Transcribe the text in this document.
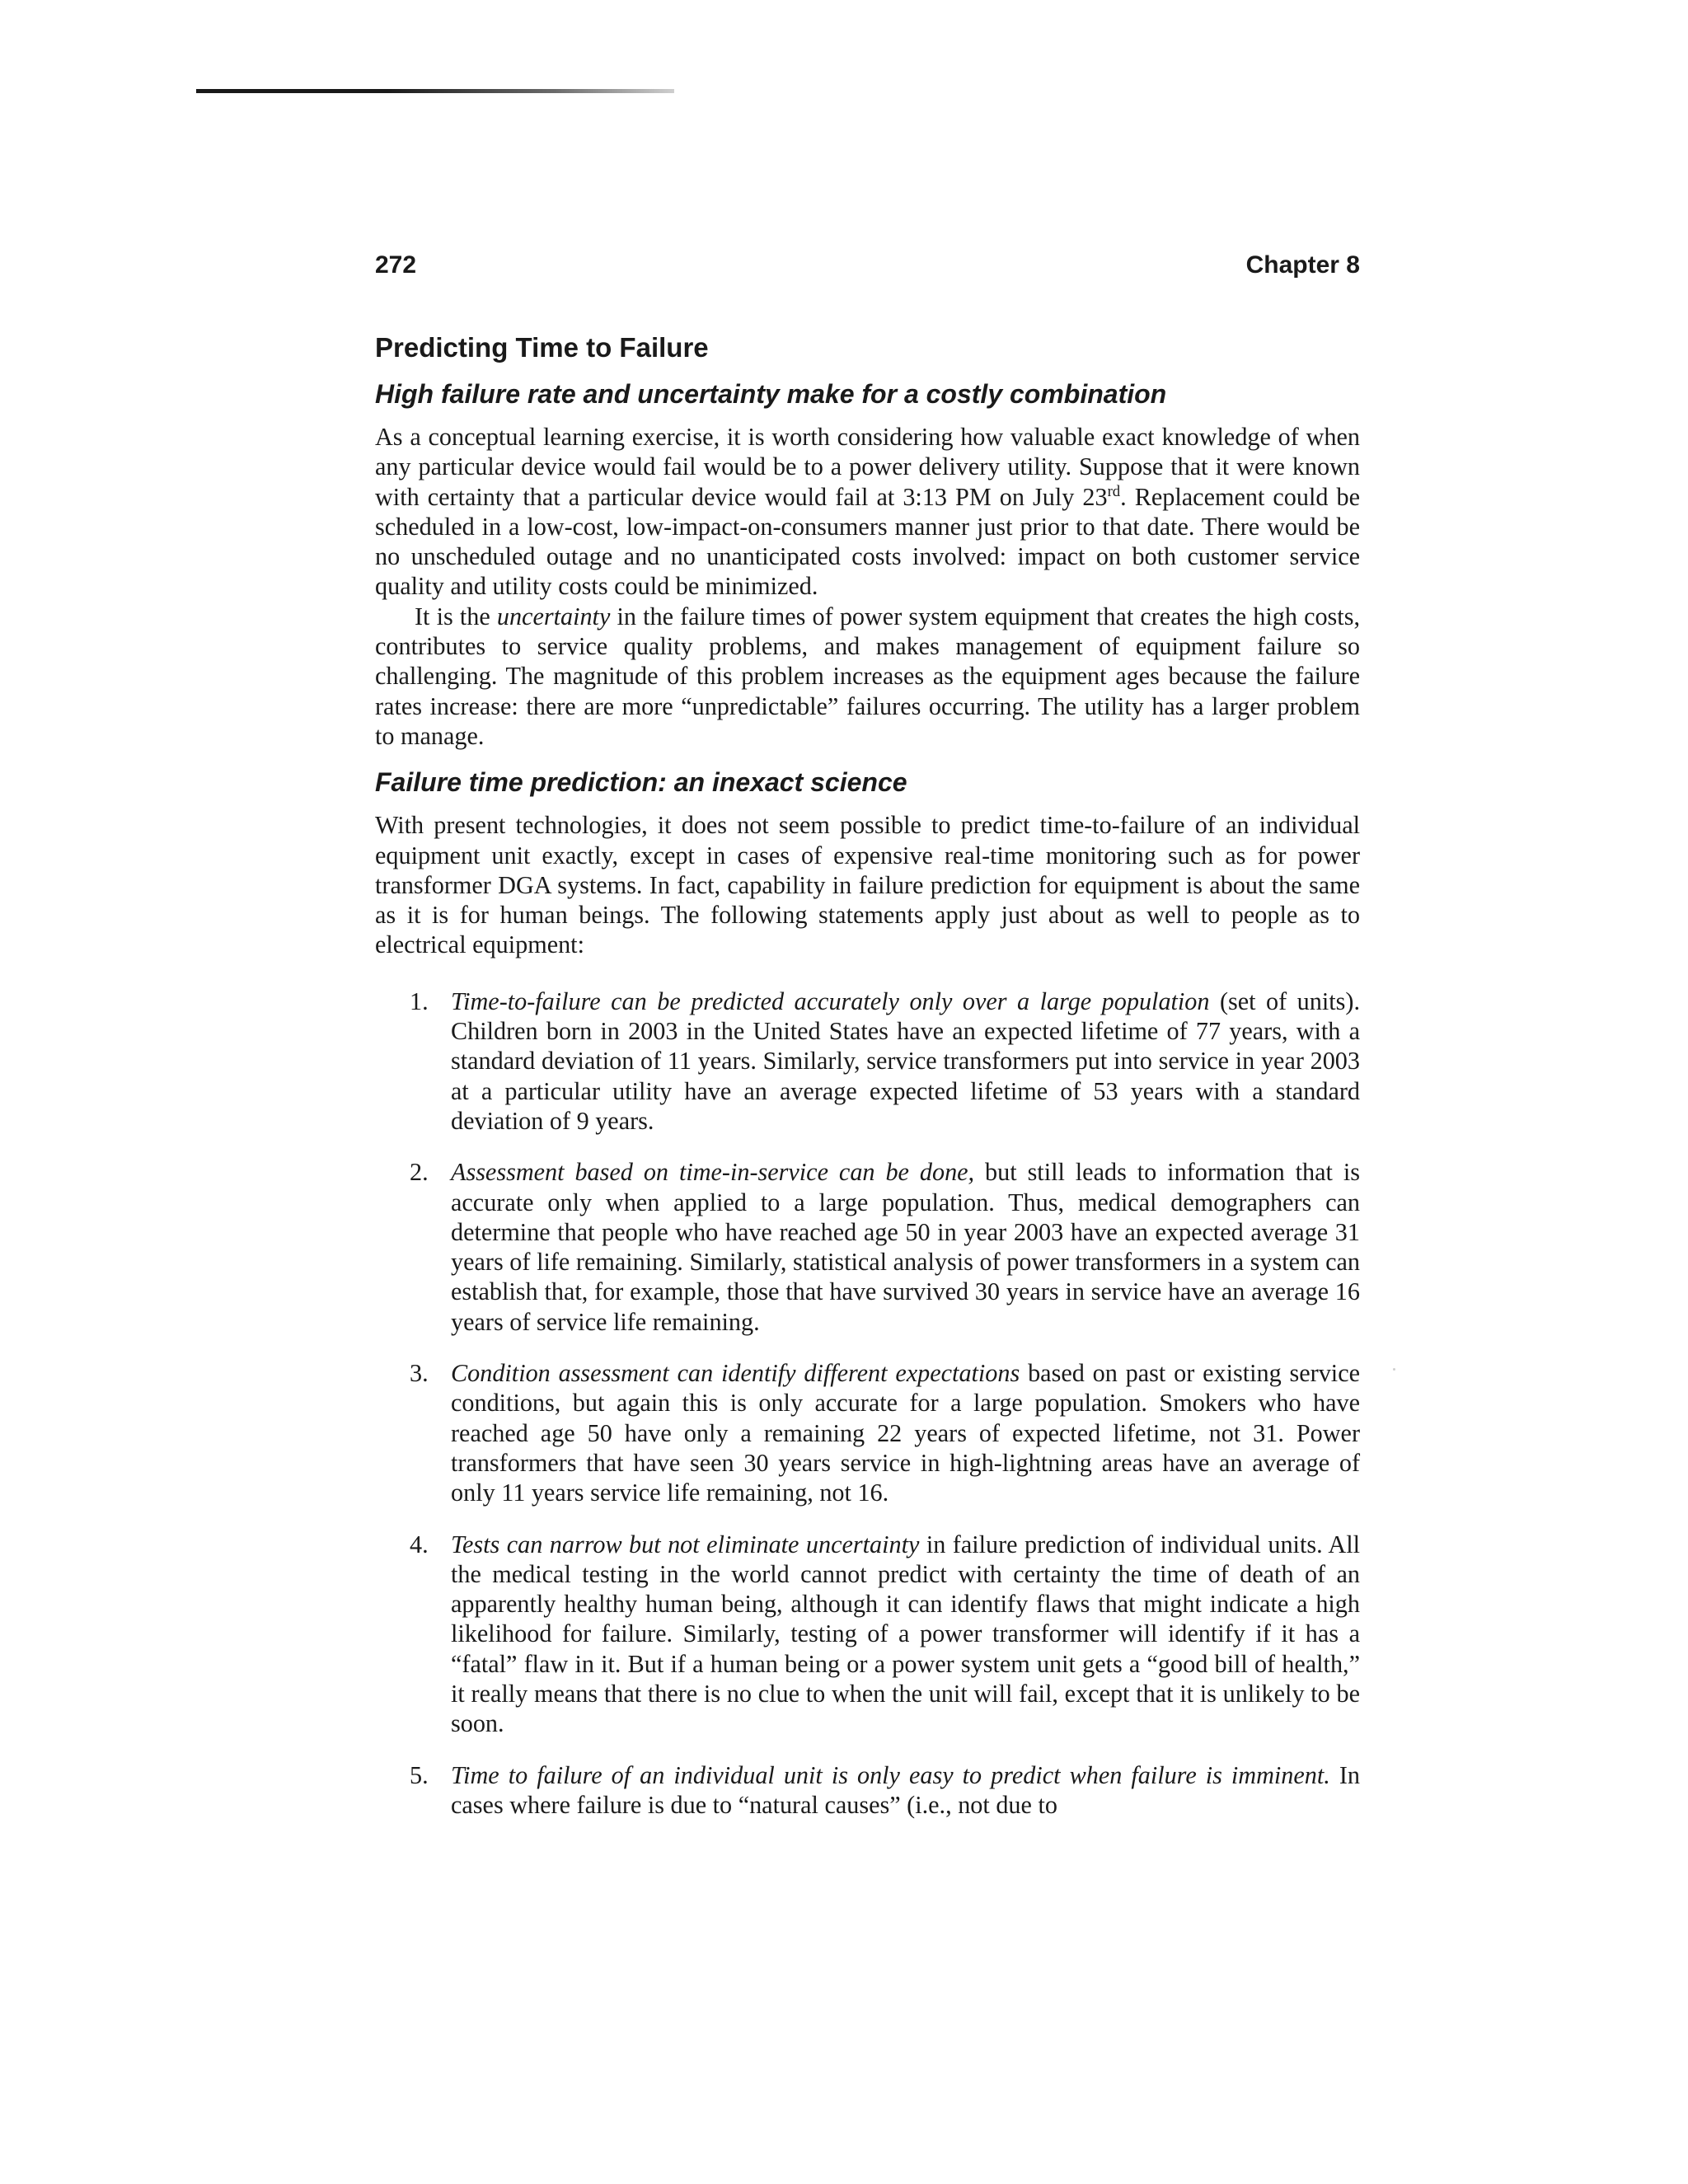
272	Chapter 8
Predicting Time to Failure
High failure rate and uncertainty make for a costly combination

As a conceptual learning exercise, it is worth considering how valuable exact knowledge of when any particular device would fail would be to a power delivery utility. Suppose that it were known with certainty that a particular device would fail at 3:13 PM on July 23rd. Replacement could be scheduled in a low-cost, low-impact-on-consumers manner just prior to that date. There would be no unscheduled outage and no unanticipated costs involved: impact on both customer service quality and utility costs could be minimized.

It is the uncertainty in the failure times of power system equipment that creates the high costs, contributes to service quality problems, and makes management of equipment failure so challenging. The magnitude of this problem increases as the equipment ages because the failure rates increase: there are more “unpredictable” failures occurring. The utility has a larger problem to manage.

Failure time prediction: an inexact science

With present technologies, it does not seem possible to predict time-to-failure of an individual equipment unit exactly, except in cases of expensive real-time monitoring such as for power transformer DGA systems. In fact, capability in failure prediction for equipment is about the same as it is for human beings. The following statements apply just about as well to people as to electrical equipment:

1. Time-to-failure can be predicted accurately only over a large population (set of units). Children born in 2003 in the United States have an expected lifetime of 77 years, with a standard deviation of 11 years. Similarly, service transformers put into service in year 2003 at a particular utility have an average expected lifetime of 53 years with a standard deviation of 9 years.
2. Assessment based on time-in-service can be done, but still leads to information that is accurate only when applied to a large population. Thus, medical demographers can determine that people who have reached age 50 in year 2003 have an expected average 31 years of life remaining. Similarly, statistical analysis of power transformers in a system can establish that, for example, those that have survived 30 years in service have an average 16 years of service life remaining.
3. Condition assessment can identify different expectations based on past or existing service conditions, but again this is only accurate for a large population. Smokers who have reached age 50 have only a remaining 22 years of expected lifetime, not 31. Power transformers that have seen 30 years service in high-lightning areas have an average of only 11 years service life remaining, not 16.
4. Tests can narrow but not eliminate uncertainty in failure prediction of individual units. All the medical testing in the world cannot predict with certainty the time of death of an apparently healthy human being, although it can identify flaws that might indicate a high likelihood for failure. Similarly, testing of a power transformer will identify if it has a “fatal” flaw in it. But if a human being or a power system unit gets a “good bill of health,” it really means that there is no clue to when the unit will fail, except that it is unlikely to be soon.
5. Time to failure of an individual unit is only easy to predict when failure is imminent. In cases where failure is due to “natural causes” (i.e., not due to
